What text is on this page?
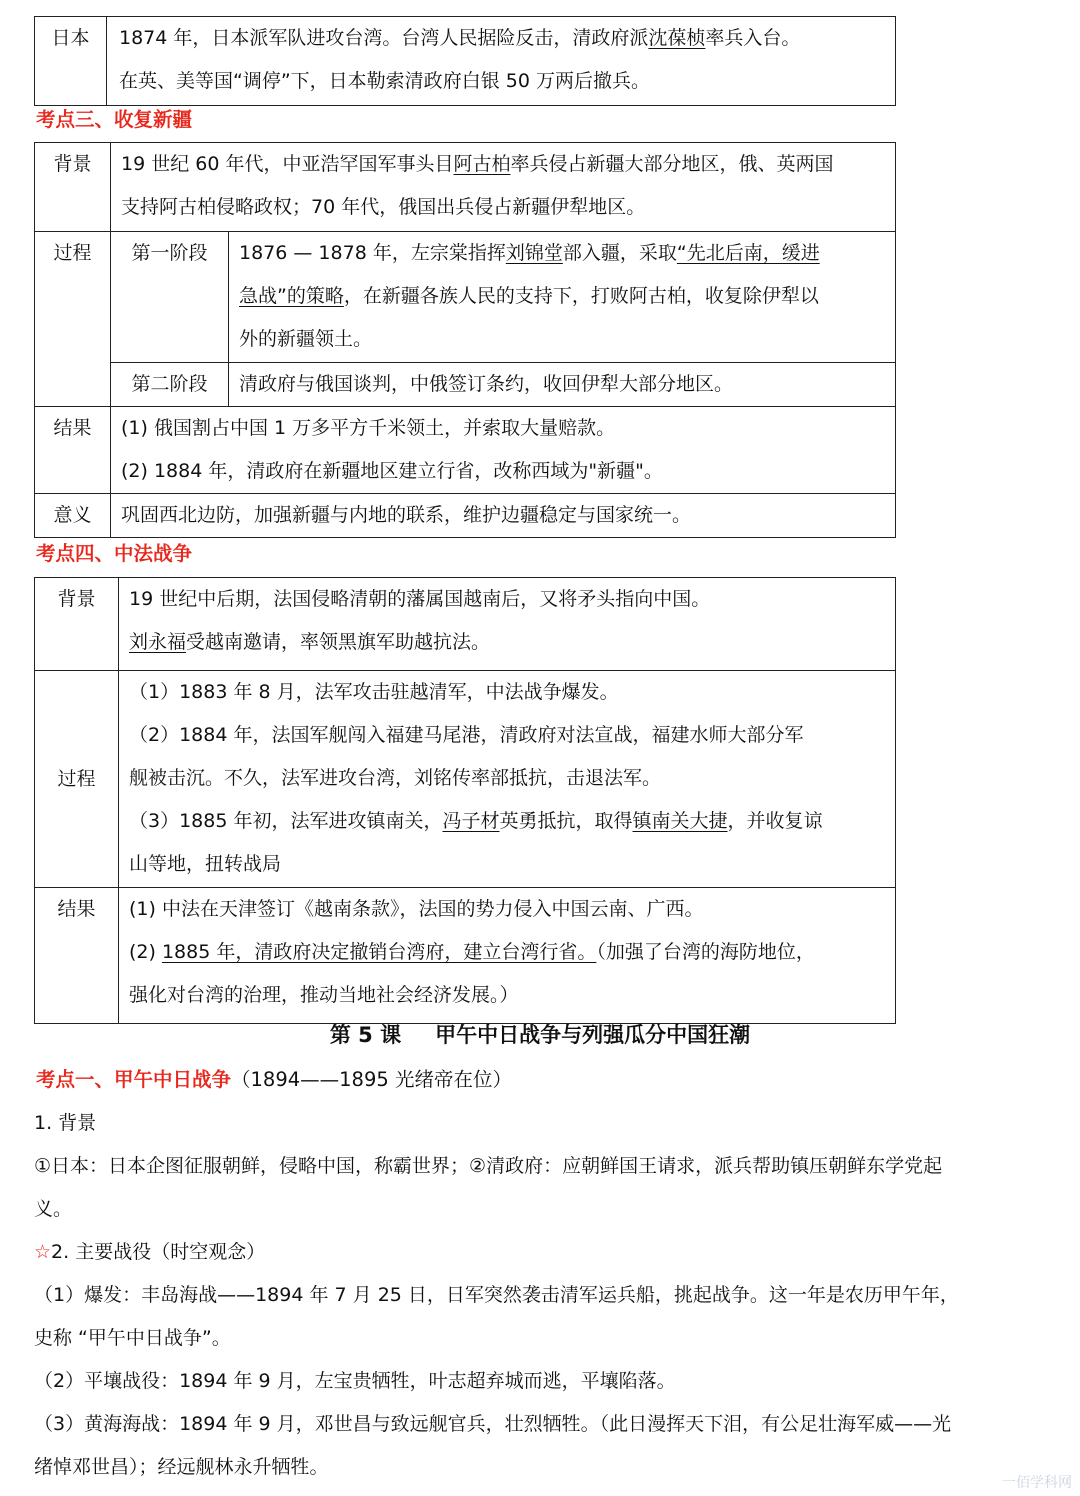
日本	1874 年，日本派军队进攻台湾。台湾人民据险反击，清政府派沈葆桢率兵入台。
在英、美等国“调停”下，日本勒索清政府白银 50 万两后撤兵。
考点三、收复新疆
背景	19 世纪 60 年代，中亚浩罕国军事头目阿古柏率兵侵占新疆大部分地区，俄、英两国
支持阿古柏侵略政权；70 年代，俄国出兵侵占新疆伊犁地区。	

过程	第一阶段	1876 — 1878 年，左宗棠指挥刘锦堂部入疆，采取“先北后南，缓进
急战”的策略，在新疆各族人民的支持下，打败阿古柏，收复除伊犁以
外的新疆领土。

	第二阶段	清政府与俄国谈判，中俄签订条约，收回伊犁大部分地区。

结果	(1) 俄国割占中国 1 万多平方千米领土，并索取大量赔款。
(2) 1884 年，清政府在新疆地区建立行省，改称西域为"新疆"。	

意义	巩固西北边防，加强新疆与内地的联系，维护边疆稳定与国家统一。	
考点四、中法战争
背景	19 世纪中后期，法国侵略清朝的藩属国越南后，又将矛头指向中国。
刘永福受越南邀请，率领黑旗军助越抗法。

过程	（1）1883 年 8 月，法军攻击驻越清军，中法战争爆发。
（2）1884 年，法国军舰闯入福建马尾港，清政府对法宣战，福建水师大部分军
舰被击沉。不久，法军进攻台湾，刘铭传率部抵抗，击退法军。
（3）1885 年初，法军进攻镇南关，冯子材英勇抵抗，取得镇南关大捷，并收复谅
山等地，扭转战局

结果	(1) 中法在天津签订《越南条款》，法国的势力侵入中国云南、广西。
(2) 1885 年，清政府决定撤销台湾府，建立台湾行省。（加强了台湾的海防地位，
强化对台湾的治理，推动当地社会经济发展。）
第 5 课 甲午中日战争与列强瓜分中国狂潮
考点一、甲午中日战争（1894——1895 光绪帝在位）
1. 背景
①日本：日本企图征服朝鲜，侵略中国，称霸世界；②清政府：应朝鲜国王请求，派兵帮助镇压朝鲜东学党起
义。
☆2. 主要战役（时空观念）
（1）爆发：丰岛海战——1894 年 7 月 25 日，日军突然袭击清军运兵船，挑起战争。这一年是农历甲午年，
史称 “甲午中日战争”。
（2）平壤战役：1894 年 9 月，左宝贵牺牲，叶志超弃城而逃，平壤陷落。
（3）黄海海战：1894 年 9 月，邓世昌与致远舰官兵，壮烈牺牲。（此日漫挥天下泪，有公足壮海军威——光
绪悼邓世昌）；经远舰林永升牺牲。
一佰学科网
